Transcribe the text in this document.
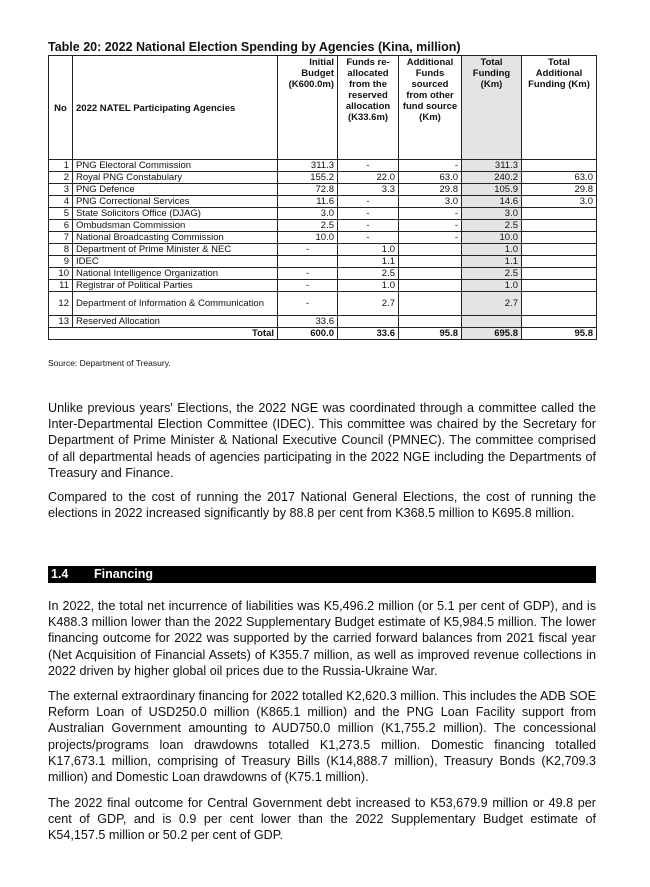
Table 20: 2022 National Election Spending by Agencies (Kina, million)
No	2022 NATEL Participating Agencies	Initial Budget (K600.0m)	Funds re-allocated from the reserved allocation (K33.6m)	Additional Funds sourced from other fund source (Km)	Total Funding (Km)	Total Additional Funding (Km)
1	PNG Electoral Commission	311.3	-	-	311.3	
2	Royal PNG Constabulary	155.2	22.0	63.0	240.2	63.0
3	PNG Defence	72.8	3.3	29.8	105.9	29.8
4	PNG Correctional Services	11.6	-	3.0	14.6	3.0
5	State Solicitors Office (DJAG)	3.0	-	-	3.0	
6	Ombudsman Commission	2.5	-	-	2.5	
7	National Broadcasting Commission	10.0	-	-	10.0	
8	Department of Prime Minister & NEC	-	1.0		1.0	
9	IDEC		1.1		1.1	
10	National Intelligence Organization	-	2.5		2.5	
11	Registrar of Political Parties	-	1.0		1.0	
12	Department of Information & Communication	-	2.7		2.7	
13	Reserved Allocation	33.6				
Total		600.0	33.6	95.8	695.8	95.8
Source: Department of Treasury.

Unlike previous years' Elections, the 2022 NGE was coordinated through a committee called the Inter-Departmental Election Committee (IDEC). This committee was chaired by the Secretary for Department of Prime Minister & National Executive Council (PMNEC). The committee comprised of all departmental heads of agencies participating in the 2022 NGE including the Departments of Treasury and Finance.

Compared to the cost of running the 2017 National General Elections, the cost of running the elections in 2022 increased significantly by 88.8 per cent from K368.5 million to K695.8 million.

1.4 Financing

In 2022, the total net incurrence of liabilities was K5,496.2 million (or 5.1 per cent of GDP), and is K488.3 million lower than the 2022 Supplementary Budget estimate of K5,984.5 million. The lower financing outcome for 2022 was supported by the carried forward balances from 2021 fiscal year (Net Acquisition of Financial Assets) of K355.7 million, as well as improved revenue collections in 2022 driven by higher global oil prices due to the Russia-Ukraine War.

The external extraordinary financing for 2022 totalled K2,620.3 million. This includes the ADB SOE Reform Loan of USD250.0 million (K865.1 million) and the PNG Loan Facility support from Australian Government amounting to AUD750.0 million (K1,755.2 million). The concessional projects/programs loan drawdowns totalled K1,273.5 million. Domestic financing totalled K17,673.1 million, comprising of Treasury Bills (K14,888.7 million), Treasury Bonds (K2,709.3 million) and Domestic Loan drawdowns of (K75.1 million).

The 2022 final outcome for Central Government debt increased to K53,679.9 million or 49.8 per cent of GDP, and is 0.9 per cent lower than the 2022 Supplementary Budget estimate of K54,157.5 million or 50.2 per cent of GDP.
